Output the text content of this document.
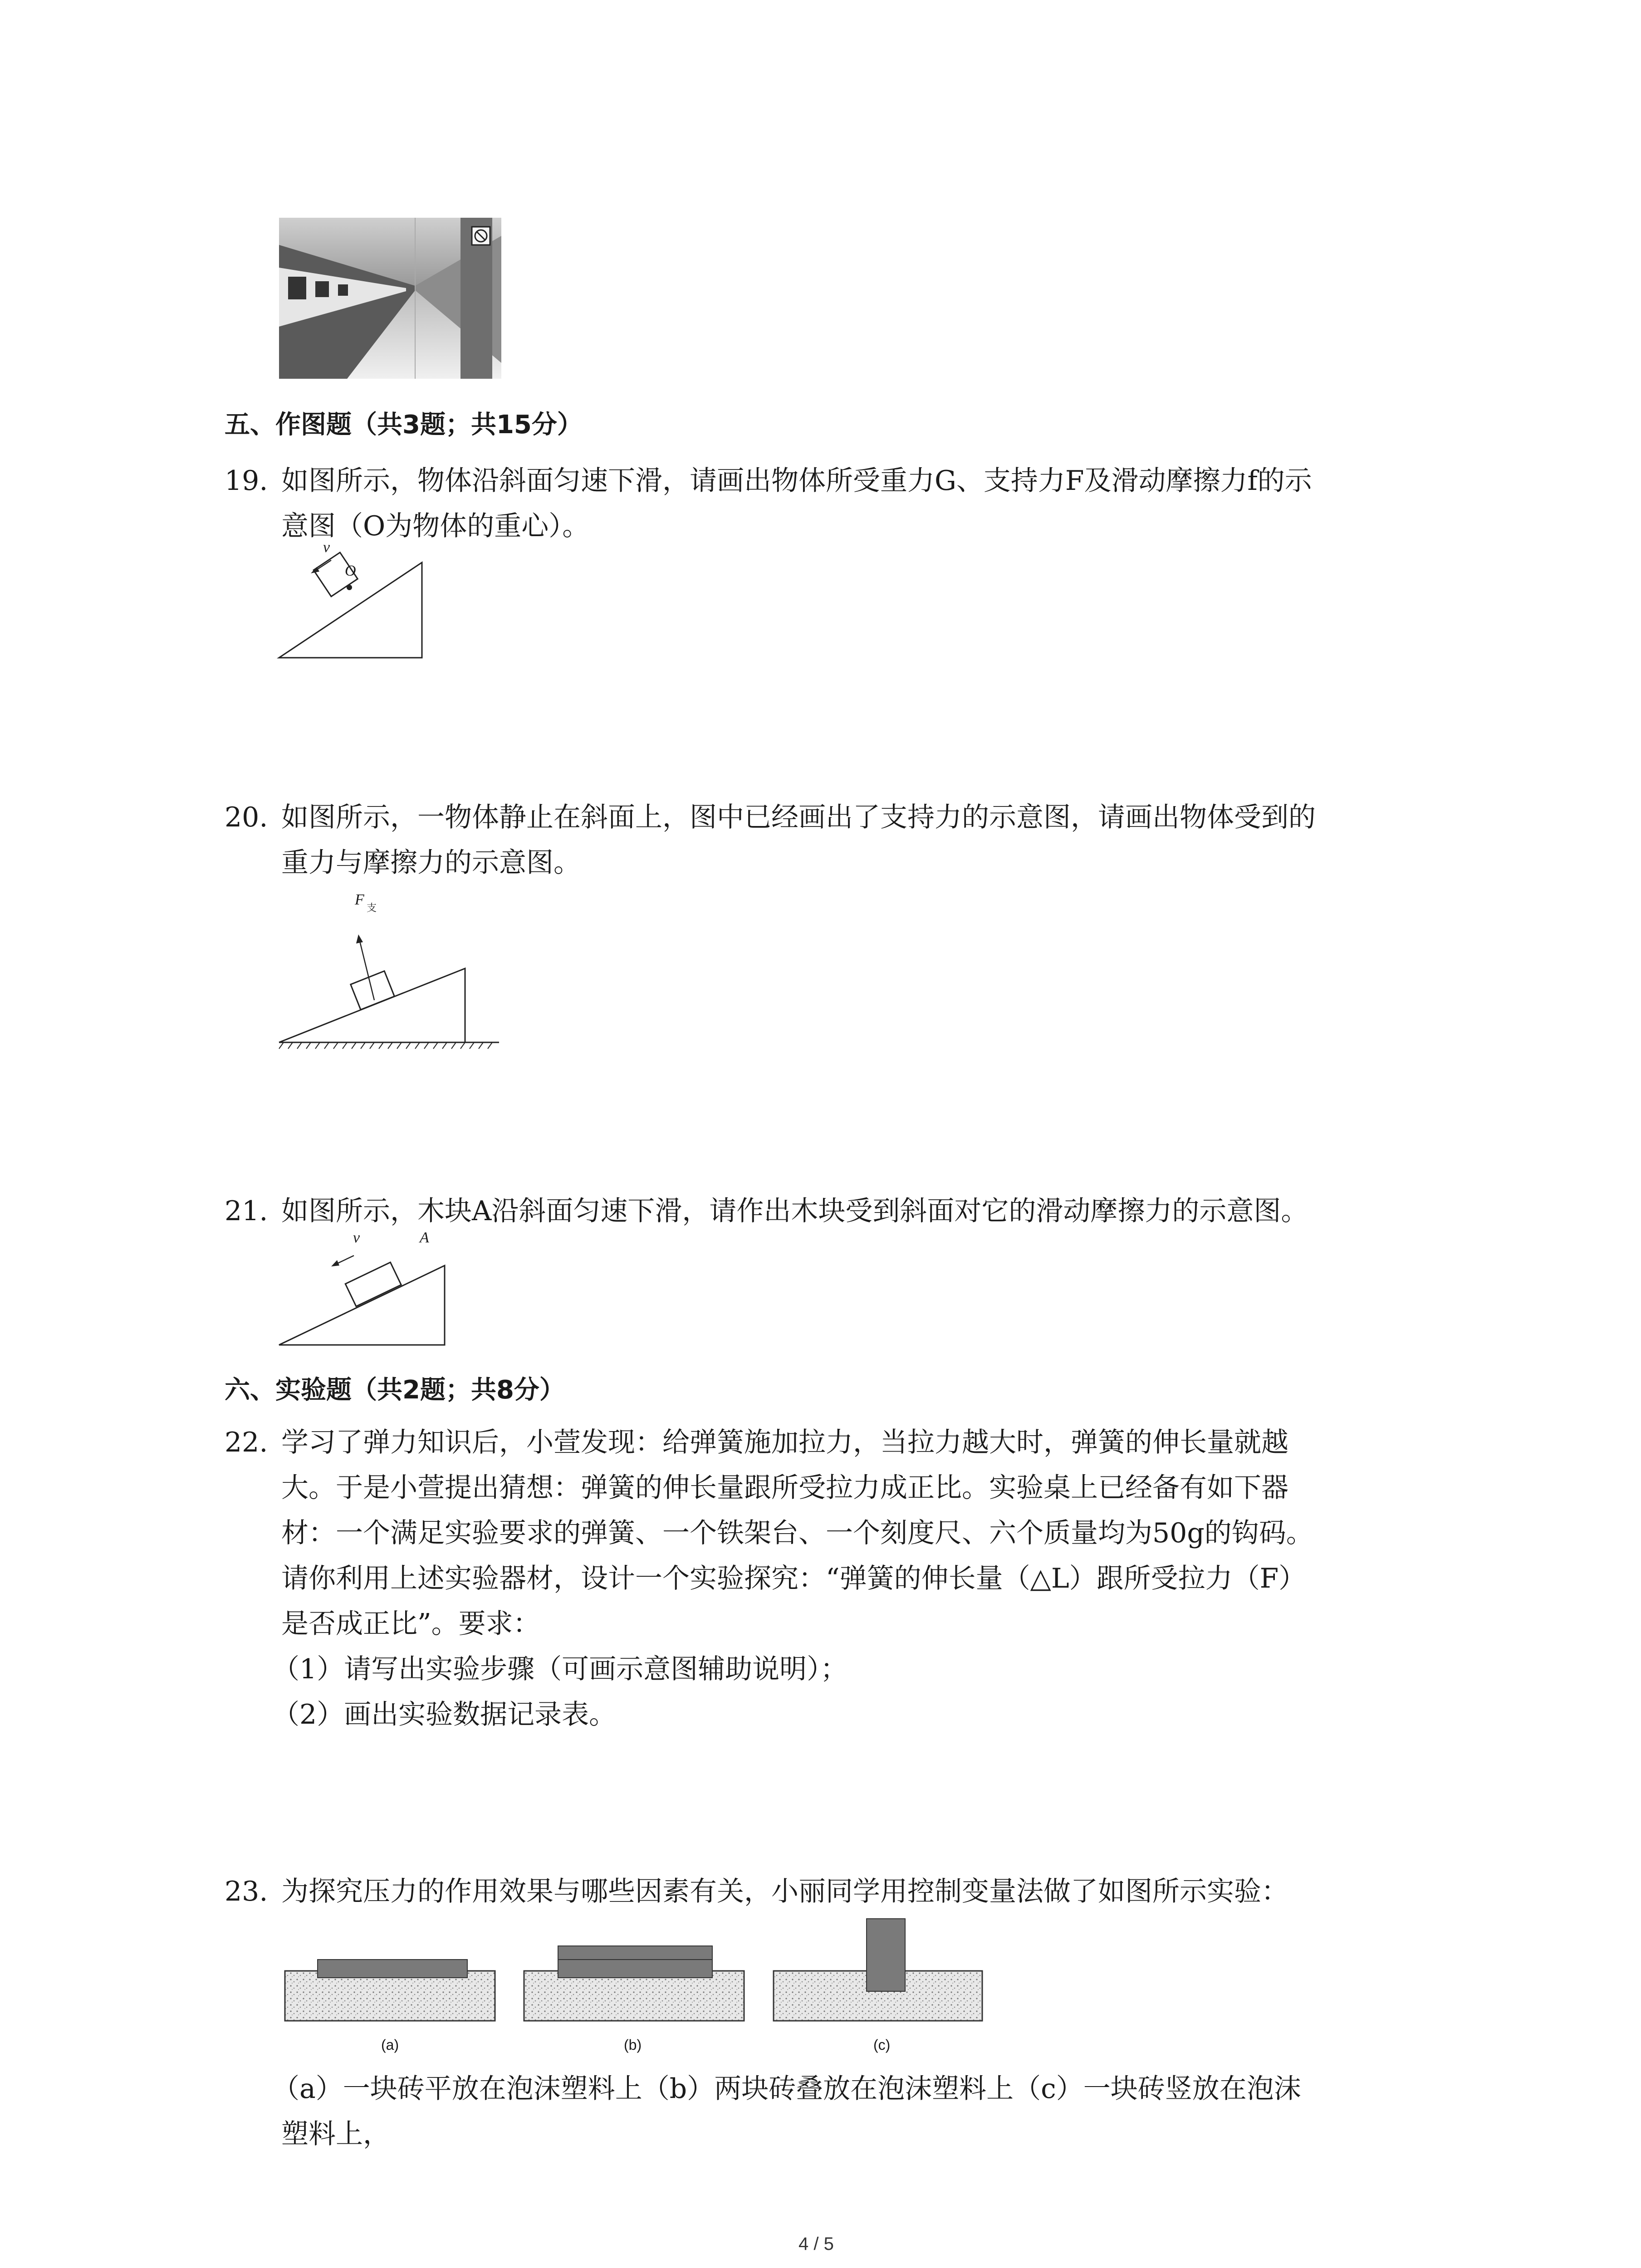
五、作图题（共3题；共15分）
19. 如图所示，物体沿斜面匀速下滑，请画出物体所受重力G、支持力F及滑动摩擦力f的示
意图（O为物体的重心）。
v
O
20. 如图所示，一物体静止在斜面上，图中已经画出了支持力的示意图，请画出物体受到的
重力与摩擦力的示意图。
F
支
21. 如图所示，木块A沿斜面匀速下滑，请作出木块受到斜面对它的滑动摩擦力的示意图。
v	A
六、实验题（共2题；共8分）
22. 学习了弹力知识后，小萱发现：给弹簧施加拉力，当拉力越大时，弹簧的伸长量就越
大。于是小萱提出猜想：弹簧的伸长量跟所受拉力成正比。实验桌上已经备有如下器
材：一个满足实验要求的弹簧、一个铁架台、一个刻度尺、六个质量均为50g的钩码。
请你利用上述实验器材，设计一个实验探究：“弹簧的伸长量（△L）跟所受拉力（F）
是否成正比”。要求：
（1）请写出实验步骤（可画示意图辅助说明）；
（2）画出实验数据记录表。
23. 为探究压力的作用效果与哪些因素有关，小丽同学用控制变量法做了如图所示实验：
(a)	(b)	(c)
（a）一块砖平放在泡沫塑料上（b）两块砖叠放在泡沫塑料上（c）一块砖竖放在泡沫
塑料上，
4 / 5
